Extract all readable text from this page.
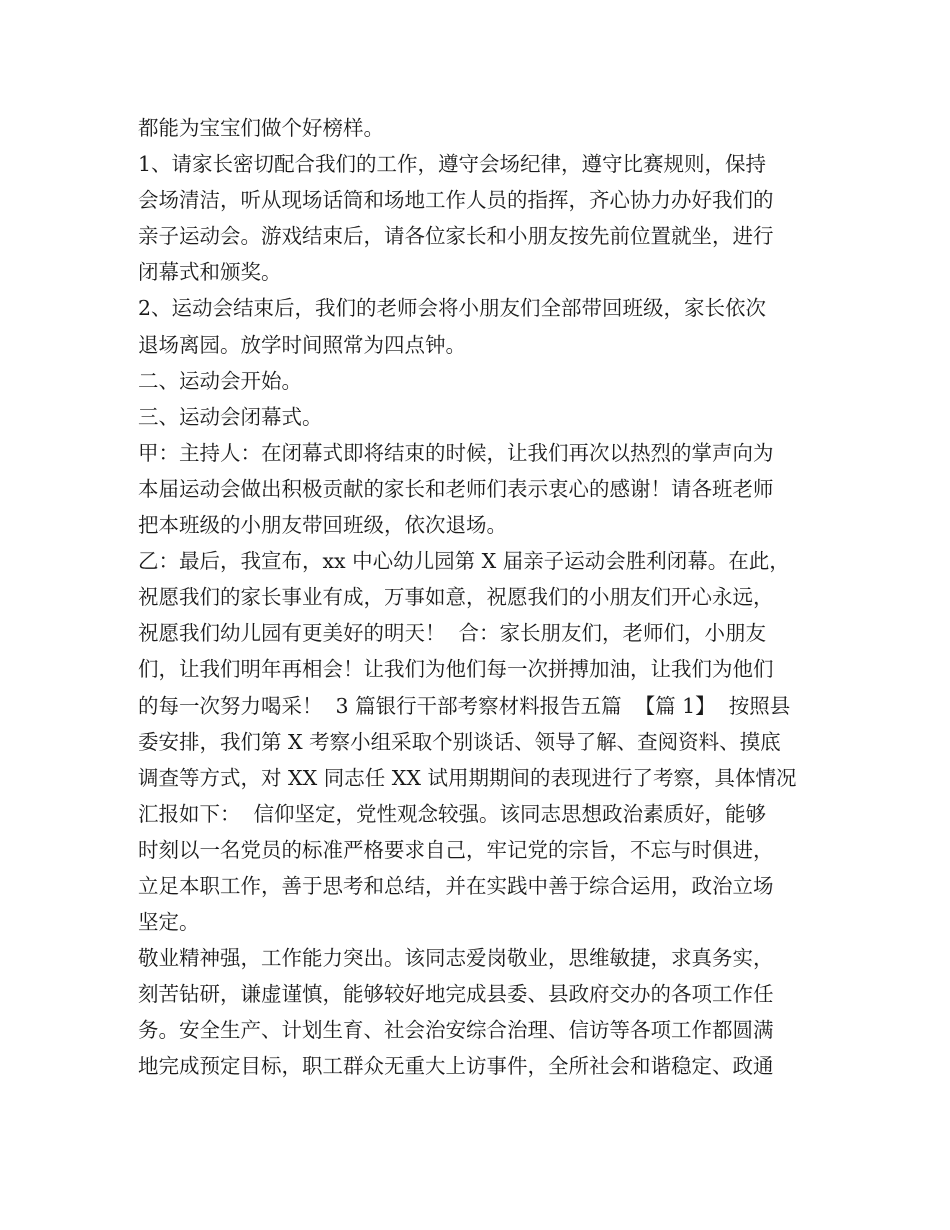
都能为宝宝们做个好榜样。
1、请家长密切配合我们的工作，遵守会场纪律，遵守比赛规则，保持
会场清洁，听从现场话筒和场地工作人员的指挥，齐心协力办好我们的
亲子运动会。游戏结束后，请各位家长和小朋友按先前位置就坐，进行
闭幕式和颁奖。
2、运动会结束后，我们的老师会将小朋友们全部带回班级，家长依次
退场离园。放学时间照常为四点钟。
二、运动会开始。
三、运动会闭幕式。
甲：主持人：在闭幕式即将结束的时候，让我们再次以热烈的掌声向为
本届运动会做出积极贡献的家长和老师们表示衷心的感谢！请各班老师
把本班级的小朋友带回班级，依次退场。
乙：最后，我宣布，xx 中心幼儿园第 X 届亲子运动会胜利闭幕。在此，
祝愿我们的家长事业有成，万事如意，祝愿我们的小朋友们开心永远，
祝愿我们幼儿园有更美好的明天！  合：家长朋友们，老师们，小朋友
们，让我们明年再相会！让我们为他们每一次拼搏加油，让我们为他们
的每一次努力喝采！  3 篇银行干部考察材料报告五篇  【篇 1】  按照县
委安排，我们第 X 考察小组采取个别谈话、领导了解、查阅资料、摸底
调查等方式，对 XX 同志任 XX 试用期期间的表现进行了考察，具体情况
汇报如下：  信仰坚定，党性观念较强。该同志思想政治素质好，能够
时刻以一名党员的标准严格要求自己，牢记党的宗旨，不忘与时俱进，
立足本职工作，善于思考和总结，并在实践中善于综合运用，政治立场
坚定。
敬业精神强，工作能力突出。该同志爱岗敬业，思维敏捷，求真务实，
刻苦钻研，谦虚谨慎，能够较好地完成县委、县政府交办的各项工作任
务。安全生产、计划生育、社会治安综合治理、信访等各项工作都圆满
地完成预定目标，职工群众无重大上访事件，全所社会和谐稳定、政通
